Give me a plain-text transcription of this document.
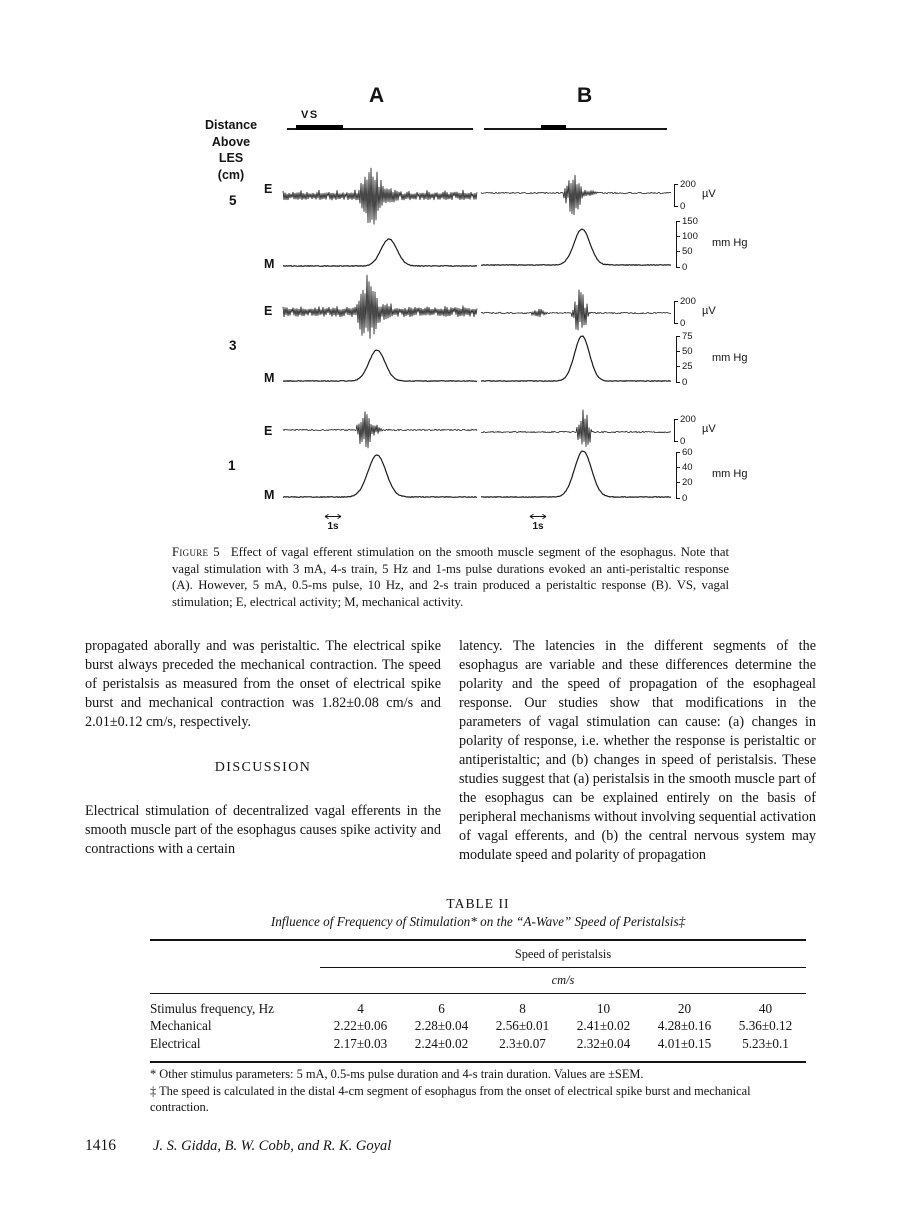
Distance
Above
LES
(cm)
VS
A	B
5
3
1
E
M
E
M
E
M
200
0
µV
150
100
50
0
mm Hg
200
0
µV
75
50
25
0
mm Hg
200
0
µV
60
40
20
0
mm Hg
1s	1s
Figure 5 Effect of vagal efferent stimulation on the smooth muscle segment of the esophagus. Note that vagal stimulation with 3 mA, 4-s train, 5 Hz and 1-ms pulse durations evoked an anti-peristaltic response (A). However, 5 mA, 0.5-ms pulse, 10 Hz, and 2-s train produced a peristaltic response (B). VS, vagal stimulation; E, electrical activity; M, mechanical activity.

propagated aborally and was peristaltic. The electrical spike burst always preceded the mechanical contraction. The speed of peristalsis as measured from the onset of electrical spike burst and mechanical contraction was 1.82±0.08 cm/s and 2.01±0.12 cm/s, respectively.

DISCUSSION

Electrical stimulation of decentralized vagal efferents in the smooth muscle part of the esophagus causes spike activity and contractions with a certain

latency. The latencies in the different segments of the esophagus are variable and these differences determine the polarity and the speed of propagation of the esophageal response. Our studies show that modifications in the parameters of vagal stimulation can cause: (a) changes in polarity of response, i.e. whether the response is peristaltic or antiperistaltic; and (b) changes in speed of peristalsis. These studies suggest that (a) peristalsis in the smooth muscle part of the esophagus can be explained entirely on the basis of peripheral mechanisms without involving sequential activation of vagal efferents, and (b) the central nervous system may modulate speed and polarity of propagation

TABLE II
Influence of Frequency of Stimulation* on the “A-Wave” Speed of Peristalsis‡
Speed of peristalsis
cm/s
Stimulus frequency, Hz	4	6	8	10	20	40
Mechanical	2.22±0.06	2.28±0.04	2.56±0.01	2.41±0.02	4.28±0.16	5.36±0.12
Electrical	2.17±0.03	2.24±0.02	2.3±0.07	2.32±0.04	4.01±0.15	5.23±0.1
* Other stimulus parameters: 5 mA, 0.5-ms pulse duration and 4-s train duration. Values are ±SEM.
‡ The speed is calculated in the distal 4-cm segment of esophagus from the onset of electrical spike burst and mechanical contraction.
1416	J. S. Gidda, B. W. Cobb, and R. K. Goyal
